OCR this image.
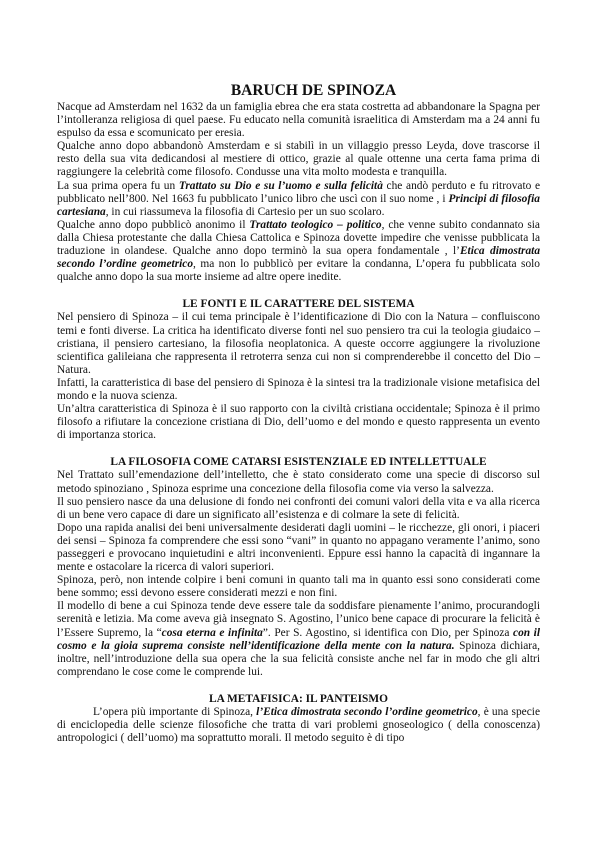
BARUCH DE SPINOZA

Nacque ad Amsterdam nel 1632 da un famiglia ebrea che era stata costretta ad abbandonare la Spagna per l’intolleranza religiosa di quel paese. Fu educato nella comunità israelitica di Amsterdam ma a 24 anni fu espulso da essa e scomunicato per eresia.

Qualche anno dopo abbandonò Amsterdam e si stabilì in un villaggio presso Leyda, dove trascorse il resto della sua vita dedicandosi al mestiere di ottico, grazie al quale ottenne una certa fama prima di raggiungere la celebrità come filosofo. Condusse una vita molto modesta e tranquilla.

La sua prima opera fu un Trattato su Dio e su l’uomo e sulla felicità che andò perduto e fu ritrovato e pubblicato nell’800. Nel 1663 fu pubblicato l’unico libro che uscì con il suo nome , i Principi di filosofia cartesiana, in cui riassumeva la filosofia di Cartesio per un suo scolaro.

Qualche anno dopo pubblicò anonimo il Trattato teologico – politico, che venne subito condannato sia dalla Chiesa protestante che dalla Chiesa Cattolica e Spinoza dovette impedire che venisse pubblicata la traduzione in olandese. Qualche anno dopo terminò la sua opera fondamentale , l’Etica dimostrata secondo l’ordine geometrico, ma non lo pubblicò per evitare la condanna, L’opera fu pubblicata solo qualche anno dopo la sua morte insieme ad altre opere inedite.

LE FONTI E IL CARATTERE DEL SISTEMA

Nel pensiero di Spinoza – il cui tema principale è l’identificazione di Dio con la Natura – confluiscono temi e fonti diverse. La critica ha identificato diverse fonti nel suo pensiero tra cui la teologia giudaico – cristiana, il pensiero cartesiano, la filosofia neoplatonica. A queste occorre aggiungere la rivoluzione scientifica galileiana che rappresenta il retroterra senza cui non si comprenderebbe il concetto del Dio – Natura.

Infatti, la caratteristica di base del pensiero di Spinoza è la sintesi tra la tradizionale visione metafisica del mondo e la nuova scienza.

Un’altra caratteristica di Spinoza è il suo rapporto con la civiltà cristiana occidentale; Spinoza è il primo filosofo a rifiutare la concezione cristiana di Dio, dell’uomo e del mondo e questo rappresenta un evento di importanza storica.

LA FILOSOFIA COME CATARSI ESISTENZIALE ED INTELLETTUALE

Nel Trattato sull’emendazione dell’intelletto, che è stato considerato come una specie di discorso sul metodo spinoziano , Spinoza esprime una concezione della filosofia come via verso la salvezza.

Il suo pensiero nasce da una delusione di fondo nei confronti dei comuni valori della vita e va alla ricerca di un bene vero capace di dare un significato all’esistenza e di colmare la sete di felicità.

Dopo una rapida analisi dei beni universalmente desiderati dagli uomini – le ricchezze, gli onori, i piaceri dei sensi – Spinoza fa comprendere che essi sono “vani” in quanto no appagano veramente l’animo, sono passeggeri e provocano inquietudini e altri inconvenienti. Eppure essi hanno la capacità di ingannare la mente e ostacolare la ricerca di valori superiori.

Spinoza, però, non intende colpire i beni comuni in quanto tali ma in quanto essi sono considerati come bene sommo; essi devono essere considerati mezzi e non fini.

Il modello di bene a cui Spinoza tende deve essere tale da soddisfare pienamente l’animo, procurandogli serenità e letizia. Ma come aveva già insegnato S. Agostino, l’unico bene capace di procurare la felicità è l’Essere Supremo, la “cosa eterna e infinita”. Per S. Agostino, si identifica con Dio, per Spinoza con il cosmo e la gioia suprema consiste nell’identificazione della mente con la natura. Spinoza dichiara, inoltre, nell’introduzione della sua opera che la sua felicità consiste anche nel far in modo che gli altri comprendano le cose come le comprende lui.

LA METAFISICA: IL PANTEISMO

L’opera più importante di Spinoza, l’Etica dimostrata secondo l’ordine geometrico, è una specie di enciclopedia delle scienze filosofiche che tratta di vari problemi gnoseologico ( della conoscenza) antropologici ( dell’uomo) ma soprattutto morali. Il metodo seguito è di tipo
